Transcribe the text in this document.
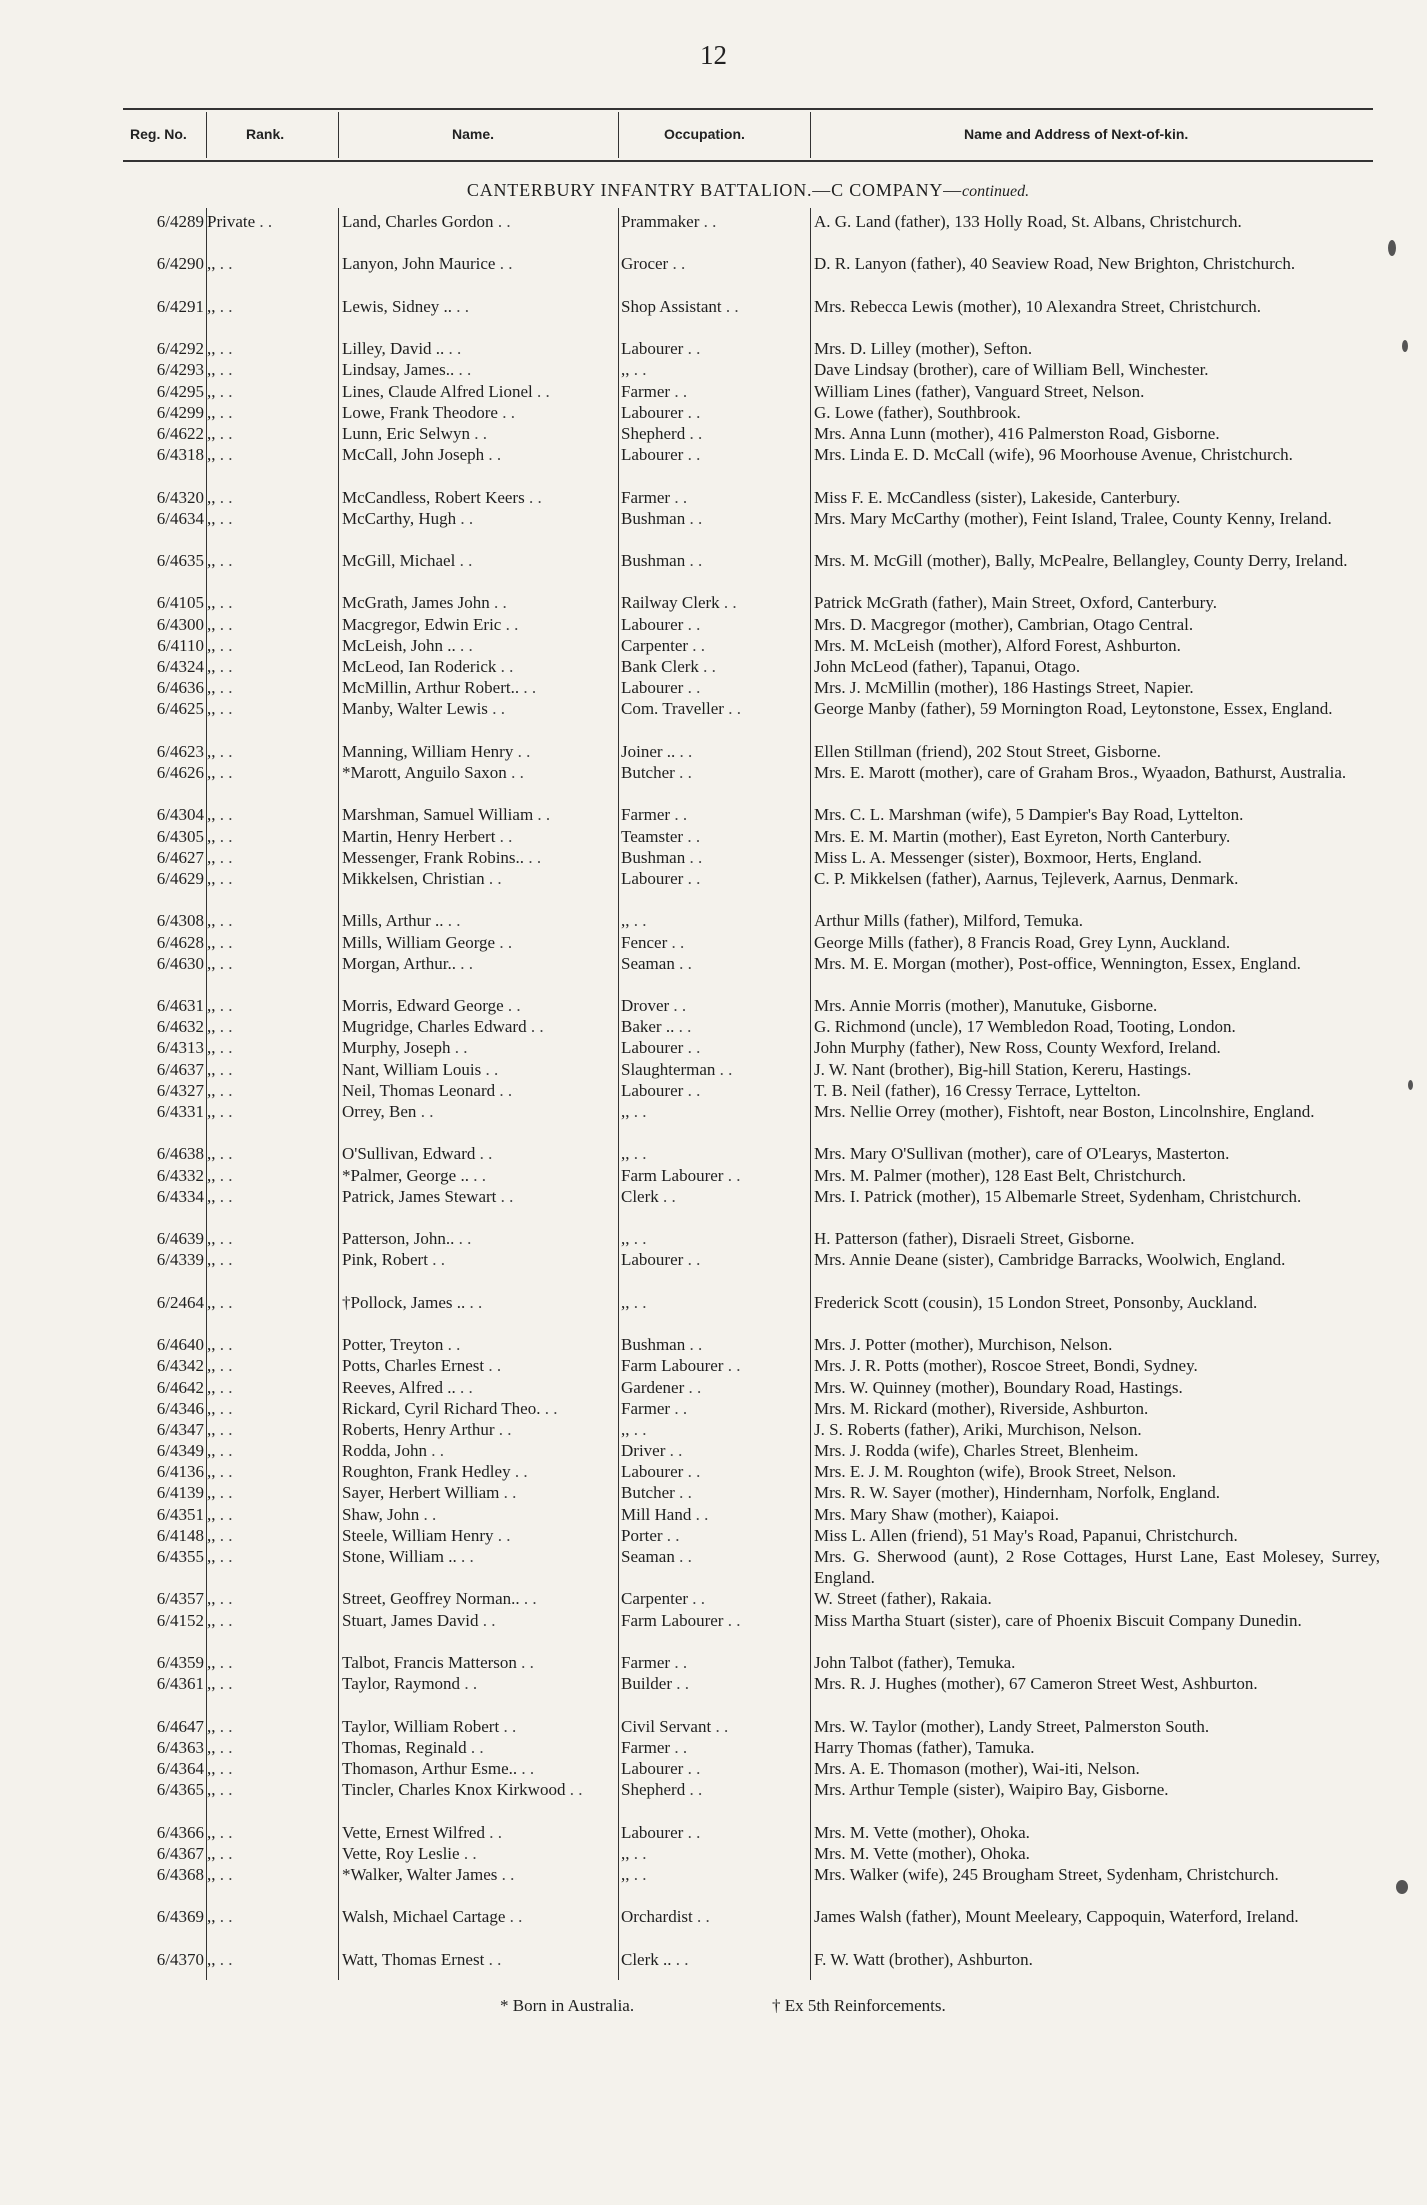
12
Reg. No.	Rank.	Name.	Occupation.	Name and Address of Next-of-kin.
CANTERBURY INFANTRY BATTALION.—C COMPANY—continued.
6/4289 Private . .	Land, Charles Gordon . .	Prammaker . .	A. G. Land (father), 133 Holly Road, St. Albans, Christchurch.
6/4290 ,, . .	Lanyon, John Maurice . .	Grocer . .	D. R. Lanyon (father), 40 Seaview Road, New Brighton, Christchurch.
6/4291 ,, . .	Lewis, Sidney .. . .	Shop Assistant . .	Mrs. Rebecca Lewis (mother), 10 Alexandra Street, Christchurch.
6/4292 ,, . .	Lilley, David .. . .	Labourer . .	Mrs. D. Lilley (mother), Sefton.
6/4293 ,, . .	Lindsay, James.. . .	,, . .	Dave Lindsay (brother), care of William Bell, Winchester.
6/4295 ,, . .	Lines, Claude Alfred Lionel . .	Farmer . .	William Lines (father), Vanguard Street, Nelson.
6/4299 ,, . .	Lowe, Frank Theodore . .	Labourer . .	G. Lowe (father), Southbrook.
6/4622 ,, . .	Lunn, Eric Selwyn . .	Shepherd . .	Mrs. Anna Lunn (mother), 416 Palmerston Road, Gisborne.
6/4318 ,, . .	McCall, John Joseph . .	Labourer . .	Mrs. Linda E. D. McCall (wife), 96 Moorhouse Avenue, Christchurch.
6/4320 ,, . .	McCandless, Robert Keers . .	Farmer . .	Miss F. E. McCandless (sister), Lakeside, Canterbury.
6/4634 ,, . .	McCarthy, Hugh . .	Bushman . .	Mrs. Mary McCarthy (mother), Feint Island, Tralee, County Kenny, Ireland.
6/4635 ,, . .	McGill, Michael . .	Bushman . .	Mrs. M. McGill (mother), Bally, McPealre, Bellangley, County Derry, Ireland.
6/4105 ,, . .	McGrath, James John . .	Railway Clerk . .	Patrick McGrath (father), Main Street, Oxford, Canterbury.
6/4300 ,, . .	Macgregor, Edwin Eric . .	Labourer . .	Mrs. D. Macgregor (mother), Cambrian, Otago Central.
6/4110 ,, . .	McLeish, John .. . .	Carpenter . .	Mrs. M. McLeish (mother), Alford Forest, Ashburton.
6/4324 ,, . .	McLeod, Ian Roderick . .	Bank Clerk . .	John McLeod (father), Tapanui, Otago.
6/4636 ,, . .	McMillin, Arthur Robert.. . .	Labourer . .	Mrs. J. McMillin (mother), 186 Hastings Street, Napier.
6/4625 ,, . .	Manby, Walter Lewis . .	Com. Traveller . .	George Manby (father), 59 Mornington Road, Leytonstone, Essex, England.
6/4623 ,, . .	Manning, William Henry . .	Joiner .. . .	Ellen Stillman (friend), 202 Stout Street, Gisborne.
6/4626 ,, . .	*Marott, Anguilo Saxon . .	Butcher . .	Mrs. E. Marott (mother), care of Graham Bros., Wyaadon, Bathurst, Australia.
6/4304 ,, . .	Marshman, Samuel William . .	Farmer . .	Mrs. C. L. Marshman (wife), 5 Dampier's Bay Road, Lyttelton.
6/4305 ,, . .	Martin, Henry Herbert . .	Teamster . .	Mrs. E. M. Martin (mother), East Eyreton, North Canterbury.
6/4627 ,, . .	Messenger, Frank Robins.. . .	Bushman . .	Miss L. A. Messenger (sister), Boxmoor, Herts, England.
6/4629 ,, . .	Mikkelsen, Christian . .	Labourer . .	C. P. Mikkelsen (father), Aarnus, Tejleverk, Aarnus, Denmark.
6/4308 ,, . .	Mills, Arthur .. . .	,, . .	Arthur Mills (father), Milford, Temuka.
6/4628 ,, . .	Mills, William George . .	Fencer . .	George Mills (father), 8 Francis Road, Grey Lynn, Auckland.
6/4630 ,, . .	Morgan, Arthur.. . .	Seaman . .	Mrs. M. E. Morgan (mother), Post-office, Wennington, Essex, England.
6/4631 ,, . .	Morris, Edward George . .	Drover . .	Mrs. Annie Morris (mother), Manutuke, Gisborne.
6/4632 ,, . .	Mugridge, Charles Edward . .	Baker .. . .	G. Richmond (uncle), 17 Wembledon Road, Tooting, London.
6/4313 ,, . .	Murphy, Joseph . .	Labourer . .	John Murphy (father), New Ross, County Wexford, Ireland.
6/4637 ,, . .	Nant, William Louis . .	Slaughterman . .	J. W. Nant (brother), Big-hill Station, Kereru, Hastings.
6/4327 ,, . .	Neil, Thomas Leonard . .	Labourer . .	T. B. Neil (father), 16 Cressy Terrace, Lyttelton.
6/4331 ,, . .	Orrey, Ben . .	,, . .	Mrs. Nellie Orrey (mother), Fishtoft, near Boston, Lincolnshire, England.
6/4638 ,, . .	O'Sullivan, Edward . .	,, . .	Mrs. Mary O'Sullivan (mother), care of O'Learys, Masterton.
6/4332 ,, . .	*Palmer, George .. . .	Farm Labourer . .	Mrs. M. Palmer (mother), 128 East Belt, Christchurch.
6/4334 ,, . .	Patrick, James Stewart . .	Clerk . .	Mrs. I. Patrick (mother), 15 Albemarle Street, Sydenham, Christchurch.
6/4639 ,, . .	Patterson, John.. . .	,, . .	H. Patterson (father), Disraeli Street, Gisborne.
6/4339 ,, . .	Pink, Robert . .	Labourer . .	Mrs. Annie Deane (sister), Cambridge Barracks, Woolwich, England.
6/2464 ,, . .	†Pollock, James .. . .	,, . .	Frederick Scott (cousin), 15 London Street, Ponsonby, Auckland.
6/4640 ,, . .	Potter, Treyton . .	Bushman . .	Mrs. J. Potter (mother), Murchison, Nelson.
6/4342 ,, . .	Potts, Charles Ernest . .	Farm Labourer . .	Mrs. J. R. Potts (mother), Roscoe Street, Bondi, Sydney.
6/4642 ,, . .	Reeves, Alfred .. . .	Gardener . .	Mrs. W. Quinney (mother), Boundary Road, Hastings.
6/4346 ,, . .	Rickard, Cyril Richard Theo. . .	Farmer . .	Mrs. M. Rickard (mother), Riverside, Ashburton.
6/4347 ,, . .	Roberts, Henry Arthur . .	,, . .	J. S. Roberts (father), Ariki, Murchison, Nelson.
6/4349 ,, . .	Rodda, John . .	Driver . .	Mrs. J. Rodda (wife), Charles Street, Blenheim.
6/4136 ,, . .	Roughton, Frank Hedley . .	Labourer . .	Mrs. E. J. M. Roughton (wife), Brook Street, Nelson.
6/4139 ,, . .	Sayer, Herbert William . .	Butcher . .	Mrs. R. W. Sayer (mother), Hindernham, Norfolk, England.
6/4351 ,, . .	Shaw, John . .	Mill Hand . .	Mrs. Mary Shaw (mother), Kaiapoi.
6/4148 ,, . .	Steele, William Henry . .	Porter . .	Miss L. Allen (friend), 51 May's Road, Papanui, Christchurch.
6/4355 ,, . .	Stone, William .. . .	Seaman . .	Mrs. G. Sherwood (aunt), 2 Rose Cottages, Hurst Lane, East Molesey, Surrey, England.
6/4357 ,, . .	Street, Geoffrey Norman.. . .	Carpenter . .	W. Street (father), Rakaia.
6/4152 ,, . .	Stuart, James David . .	Farm Labourer . .	Miss Martha Stuart (sister), care of Phoenix Biscuit Company Dunedin.
6/4359 ,, . .	Talbot, Francis Matterson . .	Farmer . .	John Talbot (father), Temuka.
6/4361 ,, . .	Taylor, Raymond . .	Builder . .	Mrs. R. J. Hughes (mother), 67 Cameron Street West, Ashburton.
6/4647 ,, . .	Taylor, William Robert . .	Civil Servant . .	Mrs. W. Taylor (mother), Landy Street, Palmerston South.
6/4363 ,, . .	Thomas, Reginald . .	Farmer . .	Harry Thomas (father), Tamuka.
6/4364 ,, . .	Thomason, Arthur Esme.. . .	Labourer . .	Mrs. A. E. Thomason (mother), Wai-iti, Nelson.
6/4365 ,, . .	Tincler, Charles Knox Kirkwood . .	Shepherd . .	Mrs. Arthur Temple (sister), Waipiro Bay, Gisborne.
6/4366 ,, . .	Vette, Ernest Wilfred . .	Labourer . .	Mrs. M. Vette (mother), Ohoka.
6/4367 ,, . .	Vette, Roy Leslie . .	,, . .	Mrs. M. Vette (mother), Ohoka.
6/4368 ,, . .	*Walker, Walter James . .	,, . .	Mrs. Walker (wife), 245 Brougham Street, Sydenham, Christchurch.
6/4369 ,, . .	Walsh, Michael Cartage . .	Orchardist . .	James Walsh (father), Mount Meeleary, Cappoquin, Waterford, Ireland.
6/4370 ,, . .	Watt, Thomas Ernest . .	Clerk .. . .	F. W. Watt (brother), Ashburton.
* Born in Australia.	† Ex 5th Reinforcements.
